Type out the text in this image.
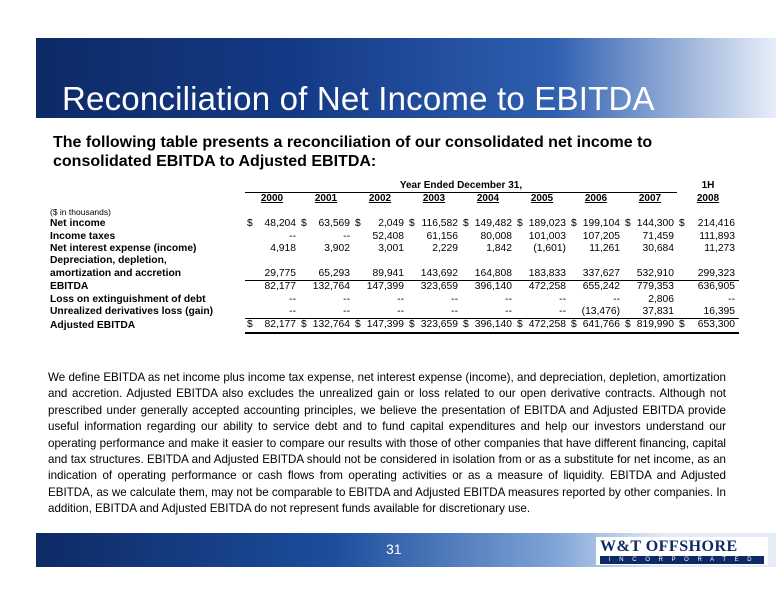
Reconciliation of Net Income to EBITDA

The following table presents a reconciliation of our consolidated net income to consolidated EBITDA to Adjusted EBITDA:

	Year Ended December 31,								1H
	2000	2001	2002	2003	2004	2005	2006	2007	2008
($ in thousands)									
Net income	$ 48,204	$ 63,569	$ 2,049	$ 116,582	$ 149,482	$ 189,023	$ 199,104	$ 144,300	$ 214,416
Income taxes	--	--	52,408	61,156	80,008	101,003	107,205	71,459	111,893
Net interest expense (income)	4,918	3,902	3,001	2,229	1,842	(1,601)	11,261	30,684	11,273
Depreciation, depletion,									
amortization and accretion	29,775	65,293	89,941	143,692	164,808	183,833	337,627	532,910	299,323
EBITDA	82,177	132,764	147,399	323,659	396,140	472,258	655,242	779,353	636,905
Loss on extinguishment of debt	--	--	--	--	--	--	--	2,806	--
Unrealized derivatives loss (gain)	--	--	--	--	--	--	(13,476)	37,831	16,395
Adjusted EBITDA	$ 82,177	$ 132,764	$ 147,399	$ 323,659	$ 396,140	$ 472,258	$ 641,766	$ 819,990	$ 653,300

We define EBITDA as net income plus income tax expense, net interest expense (income), and depreciation, depletion, amortization and accretion. Adjusted EBITDA also excludes the unrealized gain or loss related to our open derivative contracts. Although not prescribed under generally accepted accounting principles, we believe the presentation of EBITDA and Adjusted EBITDA provide useful information regarding our ability to service debt and to fund capital expenditures and help our investors understand our operating performance and make it easier to compare our results with those of other companies that have different financing, capital and tax structures. EBITDA and Adjusted EBITDA should not be considered in isolation from or as a substitute for net income, as an indication of operating performance or cash flows from operating activities or as a measure of liquidity. EBITDA and Adjusted EBITDA, as we calculate them, may not be comparable to EBITDA and Adjusted EBITDA measures reported by other companies. In addition, EBITDA and Adjusted EBITDA do not represent funds available for discretionary use.

31	W&T OFFSHORE
I N C O R P O R A T E D
